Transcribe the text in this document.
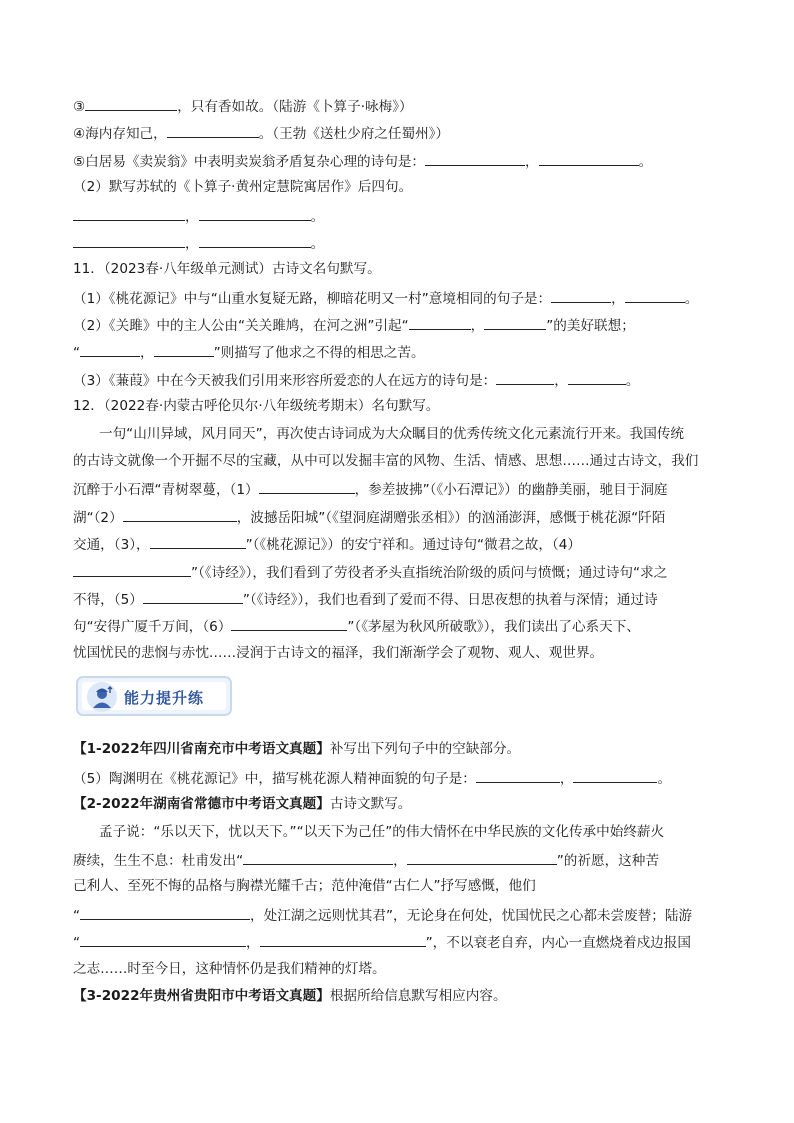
③	，只有香如故。（陆游《卜算子·咏梅》）
④海内存知己，	。（王勃《送杜少府之任蜀州》）
⑤白居易《卖炭翁》中表明卖炭翁矛盾复杂心理的诗句是：	，	。
（2）默写苏轼的《卜算子·黄州定慧院寓居作》后四句。
，	。
，	。
11．（2023春·八年级单元测试）古诗文名句默写。
（1）《桃花源记》中与“山重水复疑无路，柳暗花明又一村”意境相同的句子是：	，	。
（2）《关雎》中的主人公由“关关雎鸠，在河之洲”引起“	，	”的美好联想；
“	，	”则描写了他求之不得的相思之苦。
（3）《蒹葭》中在今天被我们引用来形容所爱恋的人在远方的诗句是：	，	。
12．（2022春·内蒙古呼伦贝尔·八年级统考期末）名句默写。
一句“山川异域，风月同天”，再次使古诗词成为大众瞩目的优秀传统文化元素流行开来。我国传统
的古诗文就像一个开掘不尽的宝藏，从中可以发掘丰富的风物、生活、情感、思想……通过古诗文，我们
沉醉于小石潭“青树翠蔓，（1）	，参差披拂”（《小石潭记》）的幽静美丽，驰目于洞庭
湖“（2）	，波撼岳阳城”（《望洞庭湖赠张丞相》）的汹涌澎湃，感慨于桃花源“阡陌
交通，（3），	”（《桃花源记》）的安宁祥和。通过诗句“微君之故，（4）
”（《诗经》），我们看到了劳役者矛头直指统治阶级的质问与愤慨；通过诗句“求之
不得，（5）	”（《诗经》），我们也看到了爱而不得、日思夜想的执着与深情；通过诗
句“安得广厦千万间，（6）	”（《茅屋为秋风所破歌》），我们读出了心系天下、
忧国忧民的悲悯与赤忱……浸润于古诗文的福泽，我们渐渐学会了观物、观人、观世界。
能力提升练
【1-2022年四川省南充市中考语文真题】补写出下列句子中的空缺部分。
（5）陶渊明在《桃花源记》中，描写桃花源人精神面貌的句子是：	，	。
【2-2022年湖南省常德市中考语文真题】古诗文默写。
孟子说：“乐以天下，忧以天下。”“以天下为己任”的伟大情怀在中华民族的文化传承中始终薪火
赓续，生生不息：杜甫发出“	，	”的祈愿，这种苦
己利人、至死不悔的品格与胸襟光耀千古；范仲淹借“古仁人”抒写感慨，他们
“	，处江湖之远则忧其君”，无论身在何处，忧国忧民之心都未尝废替；陆游
“	，	”，不以衰老自弃，内心一直燃烧着戍边报国
之志……时至今日，这种情怀仍是我们精神的灯塔。
【3-2022年贵州省贵阳市中考语文真题】根据所给信息默写相应内容。
